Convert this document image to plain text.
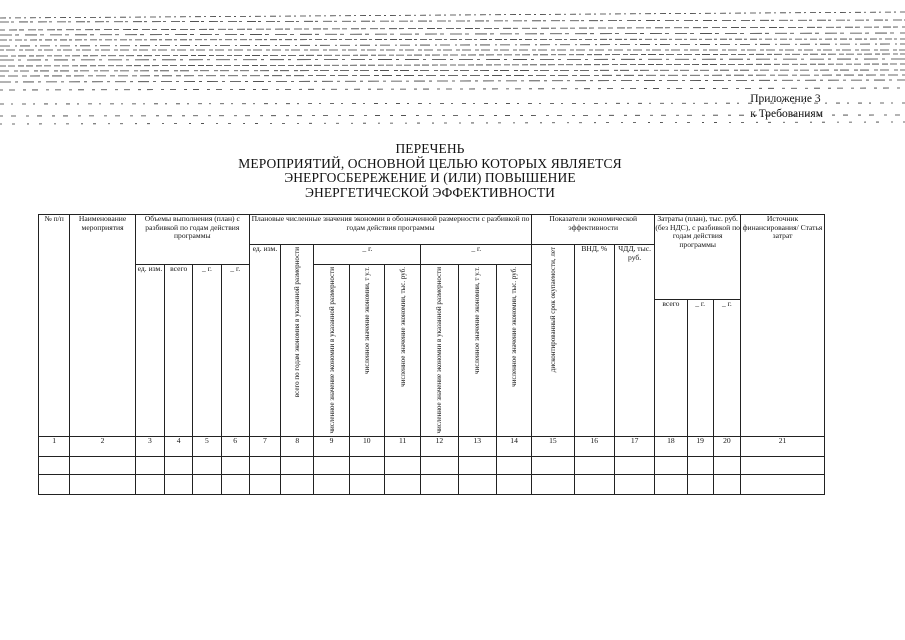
Приложение 3
к Требованиям
ПЕРЕЧЕНЬ
МЕРОПРИЯТИЙ, ОСНОВНОЙ ЦЕЛЬЮ КОТОРЫХ ЯВЛЯЕТСЯ
ЭНЕРГОСБЕРЕЖЕНИЕ И (ИЛИ) ПОВЫШЕНИЕ
ЭНЕРГЕТИЧЕСКОЙ ЭФФЕКТИВНОСТИ
№ п/п	Наименование мероприятия	Объемы выполнения (план) с разбивкой по годам действия программы				Плановые численные значения экономии в обозначенной размерности с разбивкой по годам действия программы								Показатели экономической эффективности			Затраты (план), тыс. руб. (без НДС), с разбивкой по годам действия программы			Источник финансирования/ Статья затрат
						ед. изм.	всего по годам экономия в указанной размерности	_ г.			_ г.			дисконтированный срок окупаемости, лет	ВНД, %	ЧДД, тыс. руб.				
		ед. изм.	всего	_ г.	_ г.			численное значение экономии в указанной размерности	численное значение экономии, т у.т.	численное значение экономии, тыс. руб.	численное значение экономии в указанной размерности	численное значение экономии, т у.т.	численное значение экономии, тыс. руб.							
																	всего	_ г.	_ г.	
1	2	3	4	5	6	7	8	9	10	11	12	13	14	15	16	17	18	19	20	21
